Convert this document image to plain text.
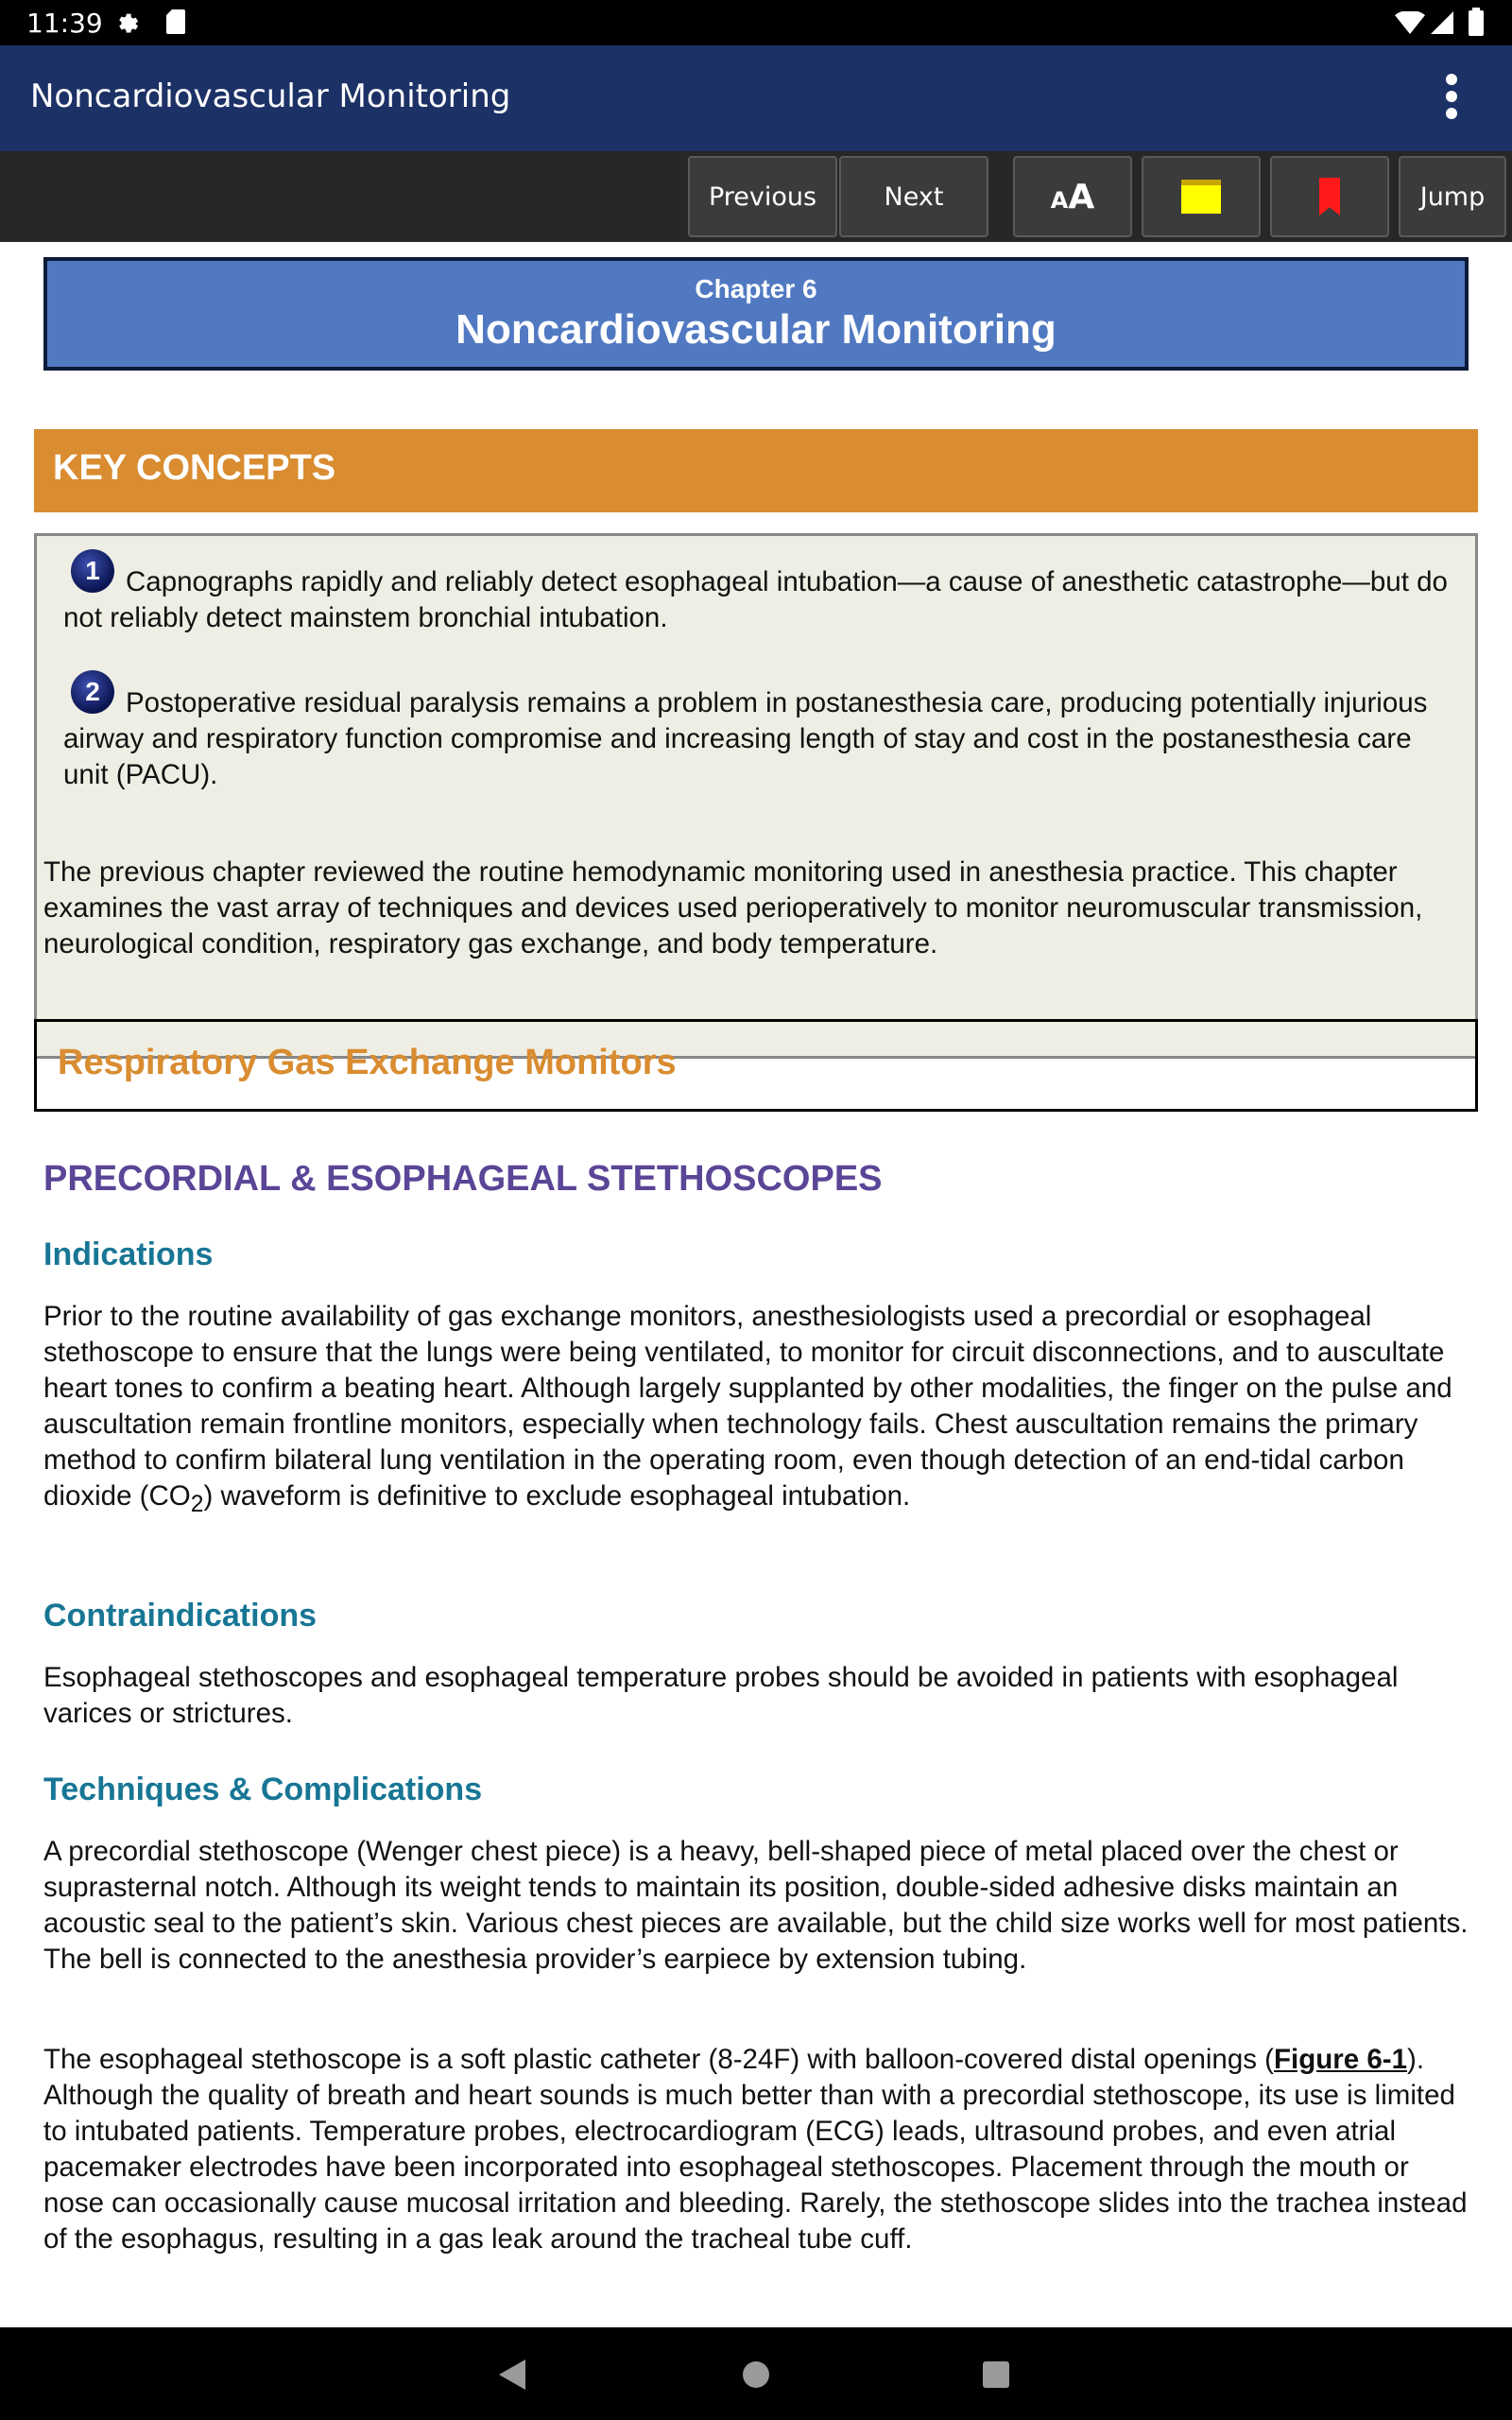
11:39
Noncardiovascular Monitoring
Previous	Next	AA	Jump
Chapter 6
Noncardiovascular Monitoring
KEY CONCEPTS
1 Capnographs rapidly and reliably detect esophageal intubation—a cause of anesthetic catastrophe—but do not reliably detect mainstem bronchial intubation.
2 Postoperative residual paralysis remains a problem in postanesthesia care, producing potentially injurious airway and respiratory function compromise and increasing length of stay and cost in the postanesthesia care unit (PACU).
The previous chapter reviewed the routine hemodynamic monitoring used in anesthesia practice. This chapter examines the vast array of techniques and devices used perioperatively to monitor neuromuscular transmission, neurological condition, respiratory gas exchange, and body temperature.
Respiratory Gas Exchange Monitors
PRECORDIAL & ESOPHAGEAL STETHOSCOPES
Indications
Prior to the routine availability of gas exchange monitors, anesthesiologists used a precordial or esophageal stethoscope to ensure that the lungs were being ventilated, to monitor for circuit disconnections, and to auscultate heart tones to confirm a beating heart. Although largely supplanted by other modalities, the finger on the pulse and auscultation remain frontline monitors, especially when technology fails. Chest auscultation remains the primary method to confirm bilateral lung ventilation in the operating room, even though detection of an end-tidal carbon dioxide $(CO_2)$ waveform is definitive to exclude esophageal intubation.
Contraindications
Esophageal stethoscopes and esophageal temperature probes should be avoided in patients with esophageal varices or strictures.
Techniques & Complications
A precordial stethoscope (Wenger chest piece) is a heavy, bell-shaped piece of metal placed over the chest or suprasternal notch. Although its weight tends to maintain its position, double-sided adhesive disks maintain an acoustic seal to the patient’s skin. Various chest pieces are available, but the child size works well for most patients. The bell is connected to the anesthesia provider’s earpiece by extension tubing.
The esophageal stethoscope is a soft plastic catheter (8-24F) with balloon-covered distal openings (Figure 6-1). Although the quality of breath and heart sounds is much better than with a precordial stethoscope, its use is limited to intubated patients. Temperature probes, electrocardiogram (ECG) leads, ultrasound probes, and even atrial pacemaker electrodes have been incorporated into esophageal stethoscopes. Placement through the mouth or nose can occasionally cause mucosal irritation and bleeding. Rarely, the stethoscope slides into the trachea instead of the esophagus, resulting in a gas leak around the tracheal tube cuff.
